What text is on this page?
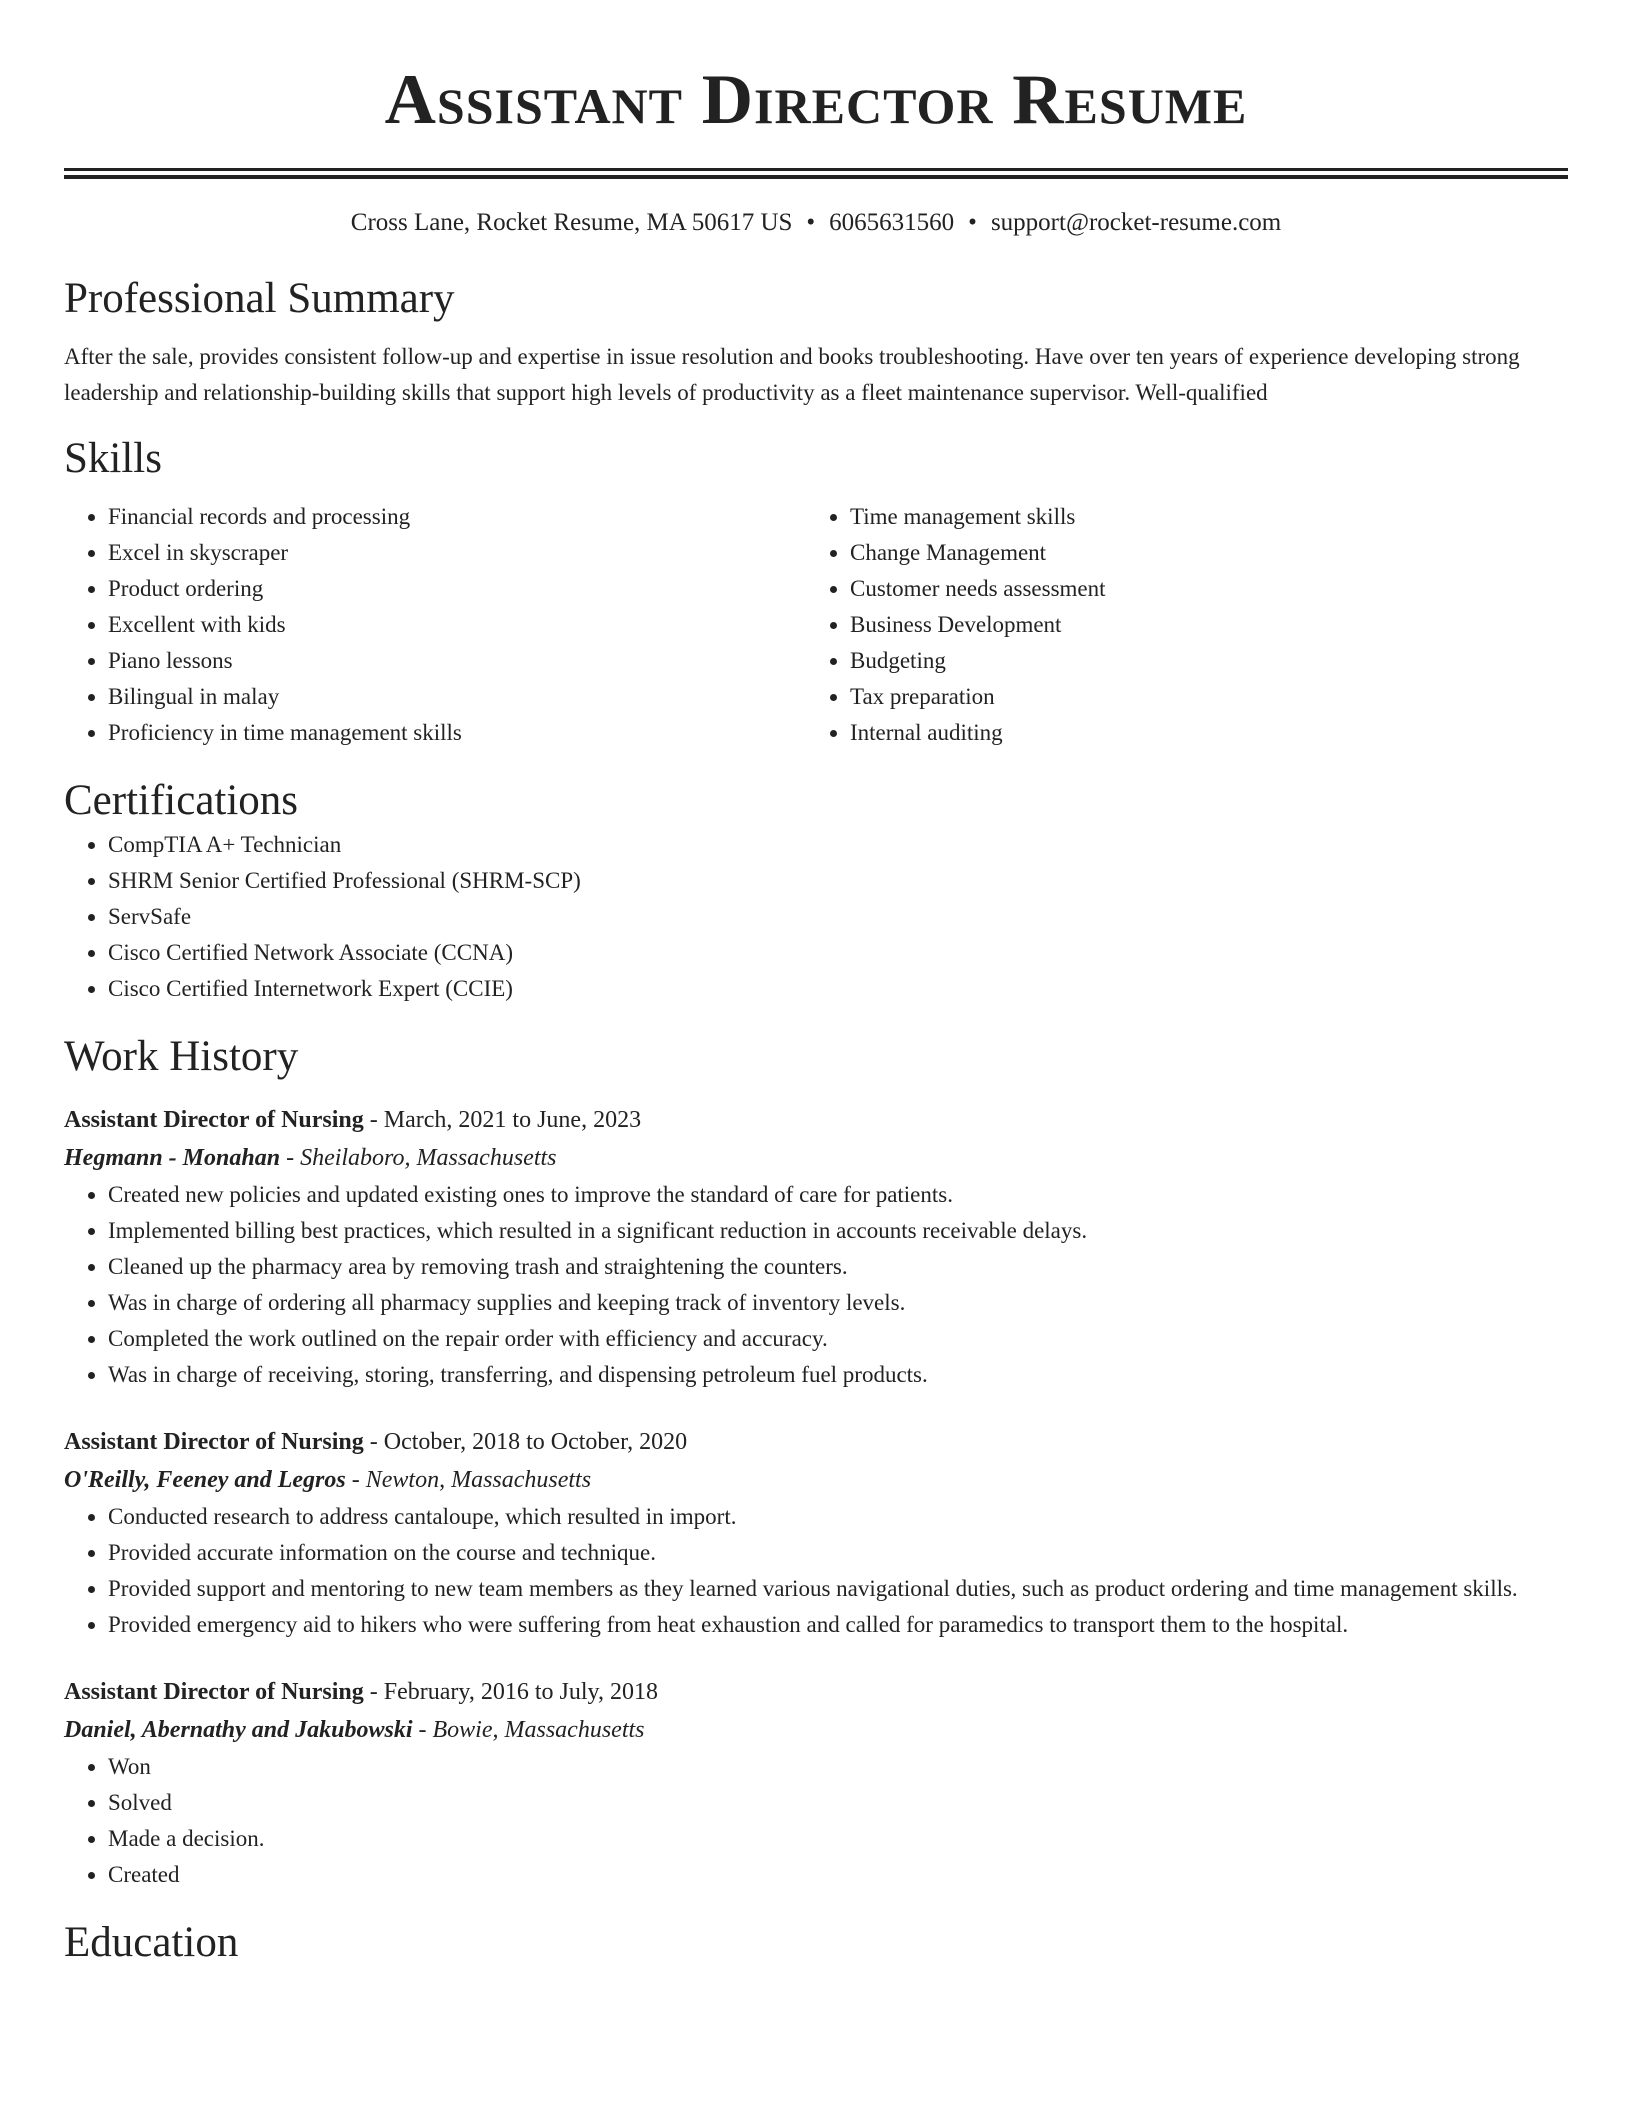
Assistant Director Resume
Cross Lane, Rocket Resume, MA 50617 US • 6065631560 • support@rocket-resume.com
Professional Summary
After the sale, provides consistent follow-up and expertise in issue resolution and books troubleshooting. Have over ten years of experience developing strong leadership and relationship-building skills that support high levels of productivity as a fleet maintenance supervisor. Well-qualified
Skills
• Financial records and processing
• Excel in skyscraper
• Product ordering
• Excellent with kids
• Piano lessons
• Bilingual in malay
• Proficiency in time management skills
• Time management skills
• Change Management
• Customer needs assessment
• Business Development
• Budgeting
• Tax preparation
• Internal auditing
Certifications
• CompTIA A+ Technician
• SHRM Senior Certified Professional (SHRM-SCP)
• ServSafe
• Cisco Certified Network Associate (CCNA)
• Cisco Certified Internetwork Expert (CCIE)
Work History
Assistant Director of Nursing - March, 2021 to June, 2023
Hegmann - Monahan - Sheilaboro, Massachusetts
• Created new policies and updated existing ones to improve the standard of care for patients.
• Implemented billing best practices, which resulted in a significant reduction in accounts receivable delays.
• Cleaned up the pharmacy area by removing trash and straightening the counters.
• Was in charge of ordering all pharmacy supplies and keeping track of inventory levels.
• Completed the work outlined on the repair order with efficiency and accuracy.
• Was in charge of receiving, storing, transferring, and dispensing petroleum fuel products.
Assistant Director of Nursing - October, 2018 to October, 2020
O'Reilly, Feeney and Legros - Newton, Massachusetts
• Conducted research to address cantaloupe, which resulted in import.
• Provided accurate information on the course and technique.
• Provided support and mentoring to new team members as they learned various navigational duties, such as product ordering and time management skills.
• Provided emergency aid to hikers who were suffering from heat exhaustion and called for paramedics to transport them to the hospital.
Assistant Director of Nursing - February, 2016 to July, 2018
Daniel, Abernathy and Jakubowski - Bowie, Massachusetts
• Won
• Solved
• Made a decision.
• Created
Education
